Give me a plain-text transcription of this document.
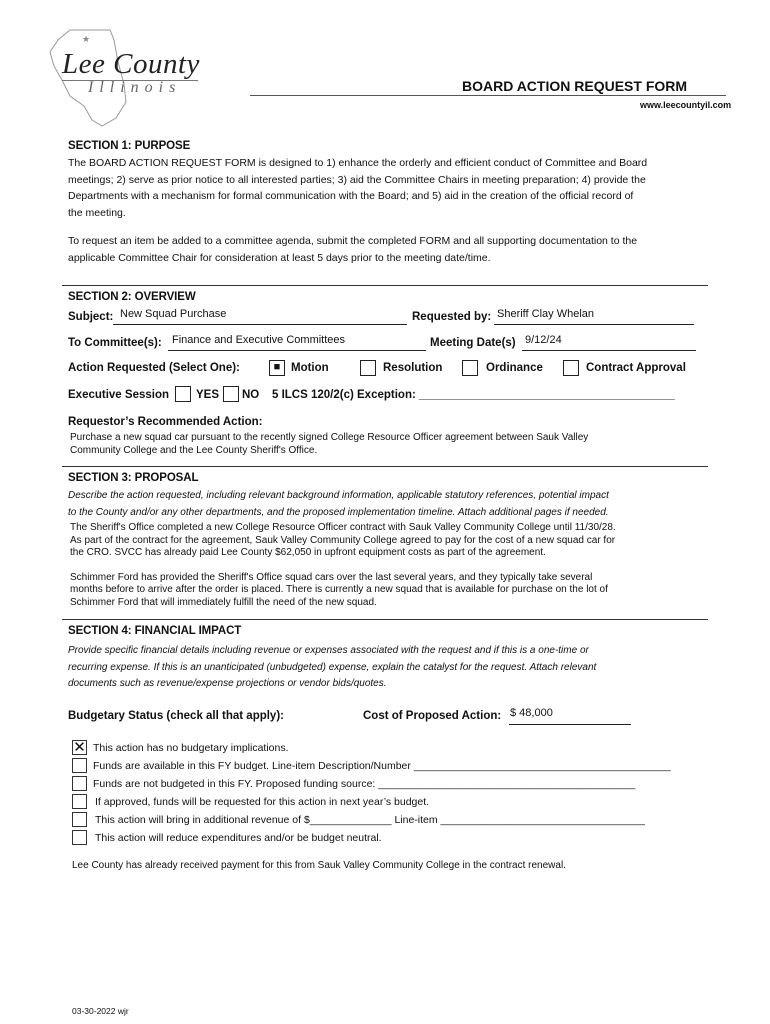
★
Lee County
Illinois	BOARD ACTION REQUEST FORM
www.leecountyil.com
SECTION 1: PURPOSE
The BOARD ACTION REQUEST FORM is designed to 1) enhance the orderly and efficient conduct of Committee and Board
meetings; 2) serve as prior notice to all interested parties; 3) aid the Committee Chairs in meeting preparation; 4) provide the
Departments with a mechanism for formal communication with the Board; and 5) aid in the creation of the official record of
the meeting.
To request an item be added to a committee agenda, submit the completed FORM and all supporting documentation to the
applicable Committee Chair for consideration at least 5 days prior to the meeting date/time.
SECTION 2: OVERVIEW
Subject: New Squad Purchase	Requested by: Sheriff Clay Whelan
To Committee(s): Finance and Executive Committees	Meeting Date(s) 9/12/24
Action Requested (Select One):	■ Motion	Resolution	Ordinance	Contract Approval
Executive Session YES NO 5 ILCS 120/2(c) Exception: ________________________________________
Requestor’s Recommended Action:
Purchase a new squad car pursuant to the recently signed College Resource Officer agreement between Sauk Valley
Community College and the Lee County Sheriff's Office.
SECTION 3: PROPOSAL
Describe the action requested, including relevant background information, applicable statutory references, potential impact
to the County and/or any other departments, and the proposed implementation timeline. Attach additional pages if needed.
The Sheriff's Office completed a new College Resource Officer contract with Sauk Valley Community College until 11/30/28.
As part of the contract for the agreement, Sauk Valley Community College agreed to pay for the cost of a new squad car for
the CRO. SVCC has already paid Lee County $62,050 in upfront equipment costs as part of the agreement.
Schimmer Ford has provided the Sheriff's Office squad cars over the last several years, and they typically take several
months before to arrive after the order is placed. There is currently a new squad that is available for purchase on the lot of
Schimmer Ford that will immediately fulfill the need of the new squad.
SECTION 4: FINANCIAL IMPACT
Provide specific financial details including revenue or expenses associated with the request and if this is a one-time or
recurring expense. If this is an unanticipated (unbudgeted) expense, explain the catalyst for the request. Attach relevant
documents such as revenue/expense projections or vendor bids/quotes.
Budgetary Status (check all that apply):	Cost of Proposed Action: $ 48,000
✕ This action has no budgetary implications.
Funds are available in this FY budget. Line-item Description/Number ____________________________________________
Funds are not budgeted in this FY. Proposed funding source: ____________________________________________
If approved, funds will be requested for this action in next year’s budget.
This action will bring in additional revenue of $______________ Line-item ___________________________________
This action will reduce expenditures and/or be budget neutral.
Lee County has already received payment for this from Sauk Valley Community College in the contract renewal.
03-30-2022 wjr
